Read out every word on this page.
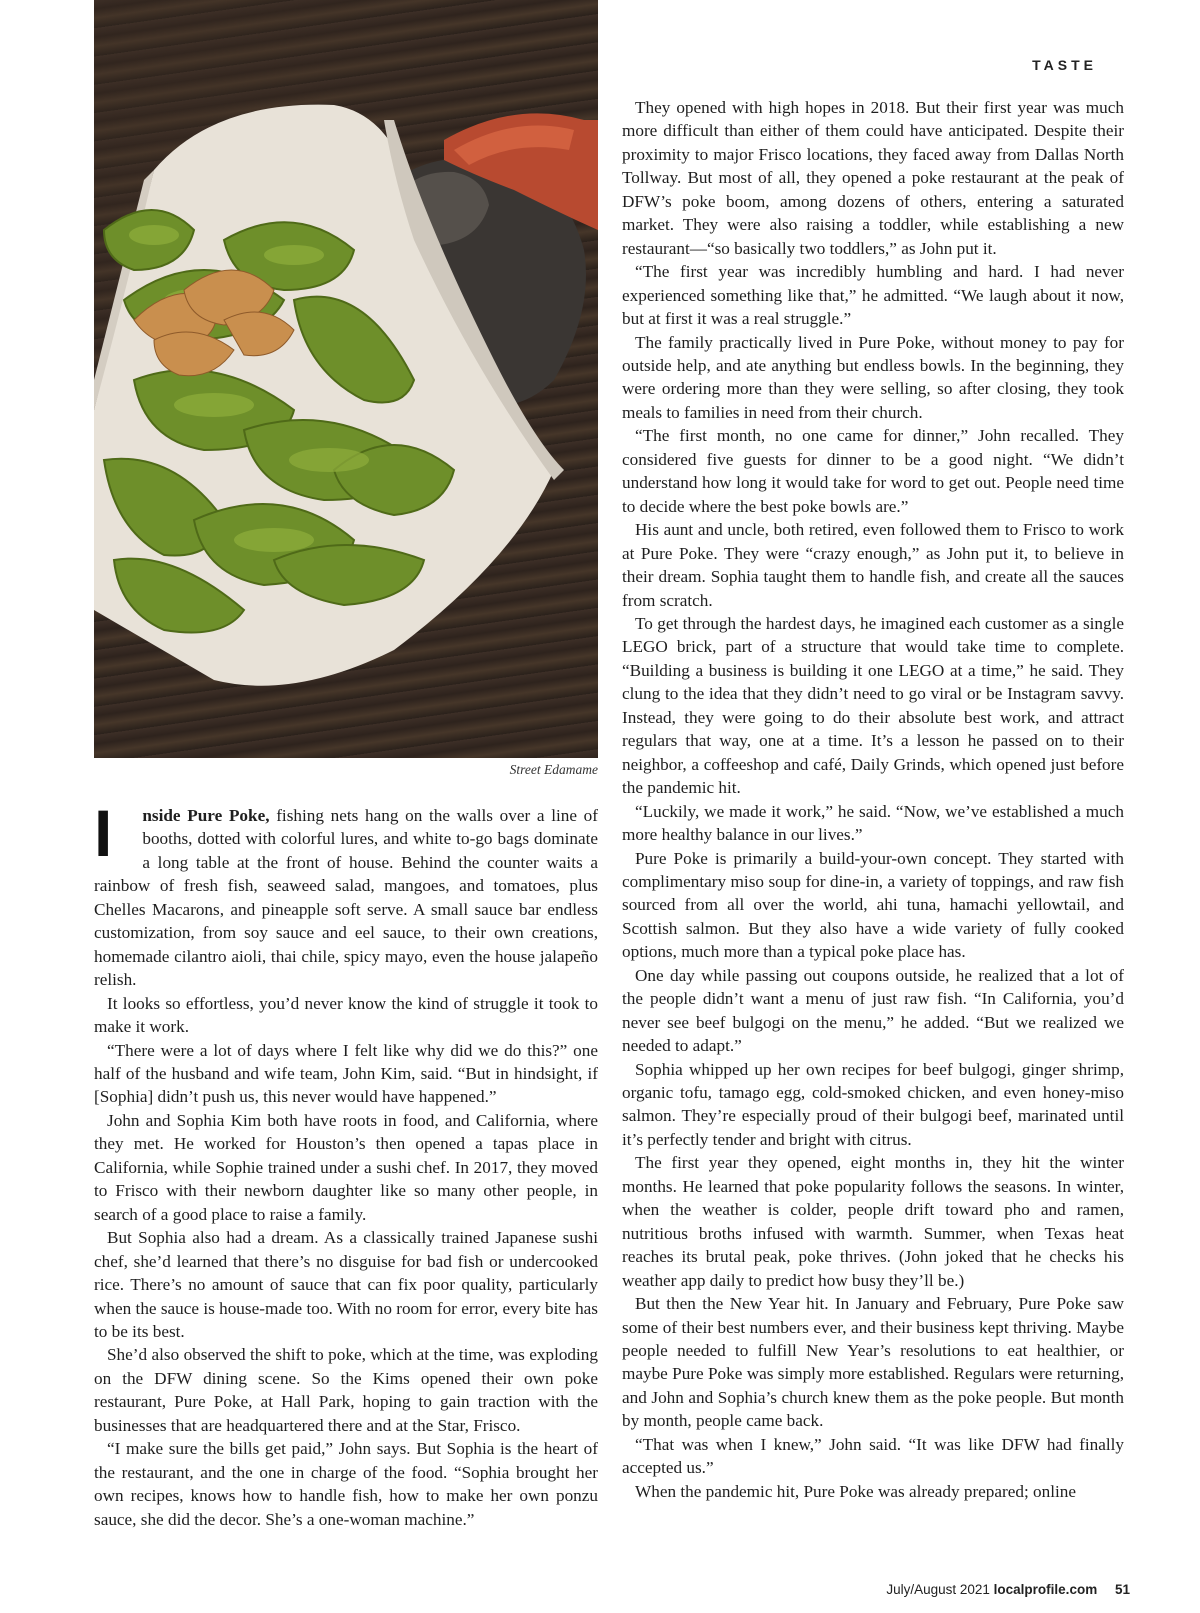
TASTE
Street Edamame

I nside Pure Poke, fishing nets hang on the walls over a line of booths, dotted with colorful lures, and white to-go bags dominate a long table at the front of house. Behind the counter waits a rainbow of fresh fish, seaweed salad, mangoes, and tomatoes, plus Chelles Macarons, and pineapple soft serve. A small sauce bar endless customization, from soy sauce and eel sauce, to their own creations, homemade cilantro aioli, thai chile, spicy mayo, even the house jalapeño relish.

It looks so effortless, you’d never know the kind of struggle it took to make it work.

“There were a lot of days where I felt like why did we do this?” one half of the husband and wife team, John Kim, said. “But in hindsight, if [Sophia] didn’t push us, this never would have happened.”

John and Sophia Kim both have roots in food, and California, where they met. He worked for Houston’s then opened a tapas place in California, while Sophie trained under a sushi chef. In 2017, they moved to Frisco with their newborn daughter like so many other people, in search of a good place to raise a family.

But Sophia also had a dream. As a classically trained Japanese sushi chef, she’d learned that there’s no disguise for bad fish or undercooked rice. There’s no amount of sauce that can fix poor quality, particularly when the sauce is house-made too. With no room for error, every bite has to be its best.

She’d also observed the shift to poke, which at the time, was exploding on the DFW dining scene. So the Kims opened their own poke restaurant, Pure Poke, at Hall Park, hoping to gain traction with the businesses that are headquartered there and at the Star, Frisco.

“I make sure the bills get paid,” John says. But Sophia is the heart of the restaurant, and the one in charge of the food. “Sophia brought her own recipes, knows how to handle fish, how to make her own ponzu sauce, she did the decor. She’s a one-woman machine.”

They opened with high hopes in 2018. But their first year was much more difficult than either of them could have anticipated. Despite their proximity to major Frisco locations, they faced away from Dallas North Tollway. But most of all, they opened a poke restaurant at the peak of DFW’s poke boom, among dozens of others, entering a saturated market. They were also raising a toddler, while establishing a new restaurant—“so basically two toddlers,” as John put it.

“The first year was incredibly humbling and hard. I had never experienced something like that,” he admitted. “We laugh about it now, but at first it was a real struggle.”

The family practically lived in Pure Poke, without money to pay for outside help, and ate anything but endless bowls. In the beginning, they were ordering more than they were selling, so after closing, they took meals to families in need from their church.

“The first month, no one came for dinner,” John recalled. They considered five guests for dinner to be a good night. “We didn’t understand how long it would take for word to get out. People need time to decide where the best poke bowls are.”

His aunt and uncle, both retired, even followed them to Frisco to work at Pure Poke. They were “crazy enough,” as John put it, to believe in their dream. Sophia taught them to handle fish, and create all the sauces from scratch.

To get through the hardest days, he imagined each customer as a single LEGO brick, part of a structure that would take time to complete. “Building a business is building it one LEGO at a time,” he said. They clung to the idea that they didn’t need to go viral or be Instagram savvy. Instead, they were going to do their absolute best work, and attract regulars that way, one at a time. It’s a lesson he passed on to their neighbor, a coffeeshop and café, Daily Grinds, which opened just before the pandemic hit.

“Luckily, we made it work,” he said. “Now, we’ve established a much more healthy balance in our lives.”

Pure Poke is primarily a build-your-own concept. They started with complimentary miso soup for dine-in, a variety of toppings, and raw fish sourced from all over the world, ahi tuna, hamachi yellowtail, and Scottish salmon. But they also have a wide variety of fully cooked options, much more than a typical poke place has.

One day while passing out coupons outside, he realized that a lot of the people didn’t want a menu of just raw fish. “In California, you’d never see beef bulgogi on the menu,” he added. “But we realized we needed to adapt.”

Sophia whipped up her own recipes for beef bulgogi, ginger shrimp, organic tofu, tamago egg, cold-smoked chicken, and even honey-miso salmon. They’re especially proud of their bulgogi beef, marinated until it’s perfectly tender and bright with citrus.

The first year they opened, eight months in, they hit the winter months. He learned that poke popularity follows the seasons. In winter, when the weather is colder, people drift toward pho and ramen, nutritious broths infused with warmth. Summer, when Texas heat reaches its brutal peak, poke thrives. (John joked that he checks his weather app daily to predict how busy they’ll be.)

But then the New Year hit. In January and February, Pure Poke saw some of their best numbers ever, and their business kept thriving. Maybe people needed to fulfill New Year’s resolutions to eat healthier, or maybe Pure Poke was simply more established. Regulars were returning, and John and Sophia’s church knew them as the poke people. But month by month, people came back.

“That was when I knew,” John said. “It was like DFW had finally accepted us.”

When the pandemic hit, Pure Poke was already prepared; online

July/August 2021 localprofile.com 51
